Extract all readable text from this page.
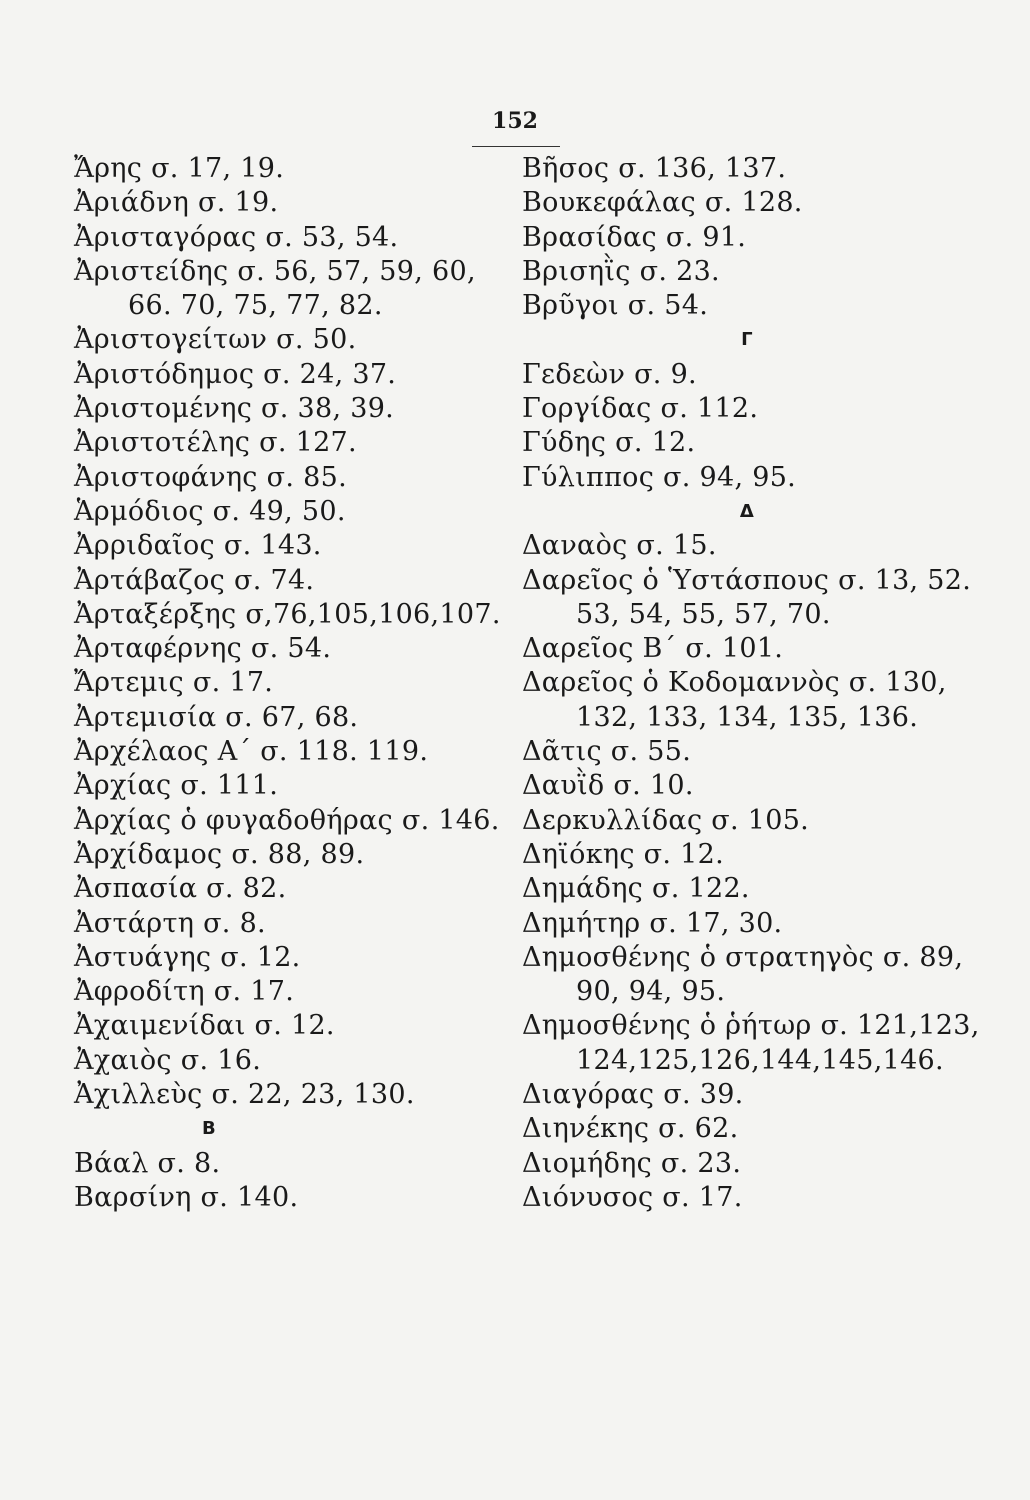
152
Ἄρης σ. 17, 19.
Ἀριάδνη σ. 19.
Ἀρισταγόρας σ. 53, 54.
Ἀριστείδης σ. 56, 57, 59, 60,
66. 70, 75, 77, 82.
Ἀριστογείτων σ. 50.
Ἀριστόδημος σ. 24, 37.
Ἀριστομένης σ. 38, 39.
Ἀριστοτέλης σ. 127.
Ἀριστοφάνης σ. 85.
Ἁρμόδιος σ. 49, 50.
Ἀρριδαῖος σ. 143.
Ἀρτάβαζος σ. 74.
Ἀρταξέρξης σ,76,105,106,107.
Ἀρταφέρνης σ. 54.
Ἄρτεμις σ. 17.
Ἀρτεμισία σ. 67, 68.
Ἀρχέλαος Α΄ σ. 118. 119.
Ἀρχίας σ. 111.
Ἀρχίας ὁ φυγαδοθήρας σ. 146.
Ἀρχίδαμος σ. 88, 89.
Ἀσπασία σ. 82.
Ἀστάρτη σ. 8.
Ἀστυάγης σ. 12.
Ἀφροδίτη σ. 17.
Ἀχαιμενίδαι σ. 12.
Ἀχαιὸς σ. 16.
Ἀχιλλεὺς σ. 22, 23, 130.
Β
Βάαλ σ. 8.
Βαρσίνη σ. 140.
Βῆσος σ. 136, 137.
Βουκεφάλας σ. 128.
Βρασίδας σ. 91.
Βρισηῒς σ. 23.
Βρῦγοι σ. 54.
Γ
Γεδεὼν σ. 9.
Γοργίδας σ. 112.
Γύδης σ. 12.
Γύλιππος σ. 94, 95.
Δ
Δαναὸς σ. 15.
Δαρεῖος ὁ Ὑστάσπους σ. 13, 52.
53, 54, 55, 57, 70.
Δαρεῖος Β΄ σ. 101.
Δαρεῖος ὁ Κοδομαννὸς σ. 130,
132, 133, 134, 135, 136.
Δᾶτις σ. 55.
Δαυῒδ σ. 10.
Δερκυλλίδας σ. 105.
Δηϊόκης σ. 12.
Δημάδης σ. 122.
Δημήτηρ σ. 17, 30.
Δημοσθένης ὁ στρατηγὸς σ. 89,
90, 94, 95.
Δημοσθένης ὁ ῥήτωρ σ. 121,123,
124,125,126,144,145,146.
Διαγόρας σ. 39.
Διηνέκης σ. 62.
Διομήδης σ. 23.
Διόνυσος σ. 17.
